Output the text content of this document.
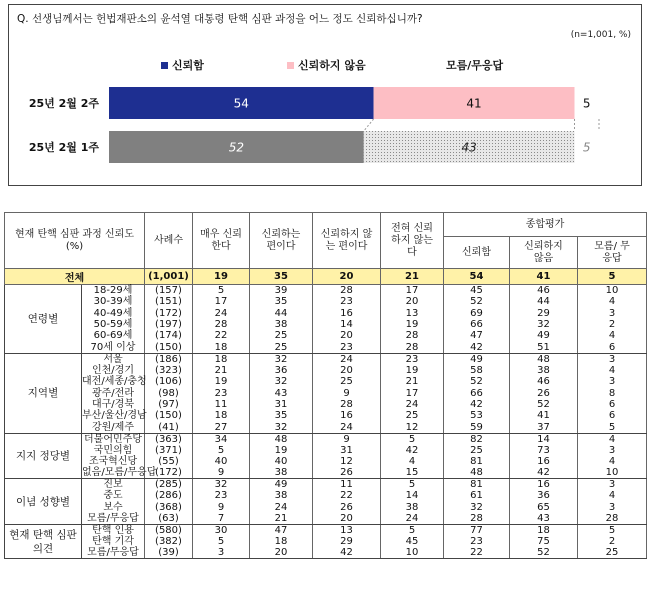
Q. 선생님께서는 헌법재판소의 윤석열 대통령 탄핵 심판 과정을 어느 정도 신뢰하십니까?
(n=1,001, %)
신뢰함	신뢰하지 않음	모름/무응답
25년 2월 2주	54	41	5
25년 2월 1주	52	43	5
현재 탄핵 심판 과정 신뢰도(%)		사례수	매우 신뢰한다	신뢰하는 편이다	신뢰하지 않는 편이다	전혀 신뢰하지 않는다	종합평가		
							신뢰함	신뢰하지 않음	모름/ 무응답
전체		(1,001)	19	35	20	21	54	41	5
연령별	18-29세	(157)	5	39	28	17	45	46	10
	30-39세	(151)	17	35	23	20	52	44	4
	40-49세	(172)	24	44	16	13	69	29	3
	50-59세	(197)	28	38	14	19	66	32	2
	60-69세	(174)	22	25	20	28	47	49	4
	70세 이상	(150)	18	25	23	28	42	51	6
지역별	서울	(186)	18	32	24	23	49	48	3
	인천/경기	(323)	21	36	20	19	58	38	4
	대전/세종/충청	(106)	19	32	25	21	52	46	3
	광주/전라	(98)	23	43	9	17	66	26	8
	대구/경북	(97)	11	31	28	24	42	52	6
	부산/울산/경남	(150)	18	35	16	25	53	41	6
	강원/제주	(41)	27	32	24	12	59	37	5
지지 정당별	더불어민주당	(363)	34	48	9	5	82	14	4
	국민의힘	(371)	5	19	31	42	25	73	3
	조국혁신당	(55)	40	40	12	4	81	16	4
	없음/모름/무응답	(172)	9	38	26	15	48	42	10
이념 성향별	진보	(285)	32	49	11	5	81	16	3
	중도	(286)	23	38	22	14	61	36	4
	보수	(368)	9	24	26	38	32	65	3
	모름/무응답	(63)	7	21	20	24	28	43	28
현재 탄핵 심판 의견	탄핵 인용	(580)	30	47	13	5	77	18	5
	탄핵 기각	(382)	5	18	29	45	23	75	2
	모름/무응답	(39)	3	20	42	10	22	52	25
